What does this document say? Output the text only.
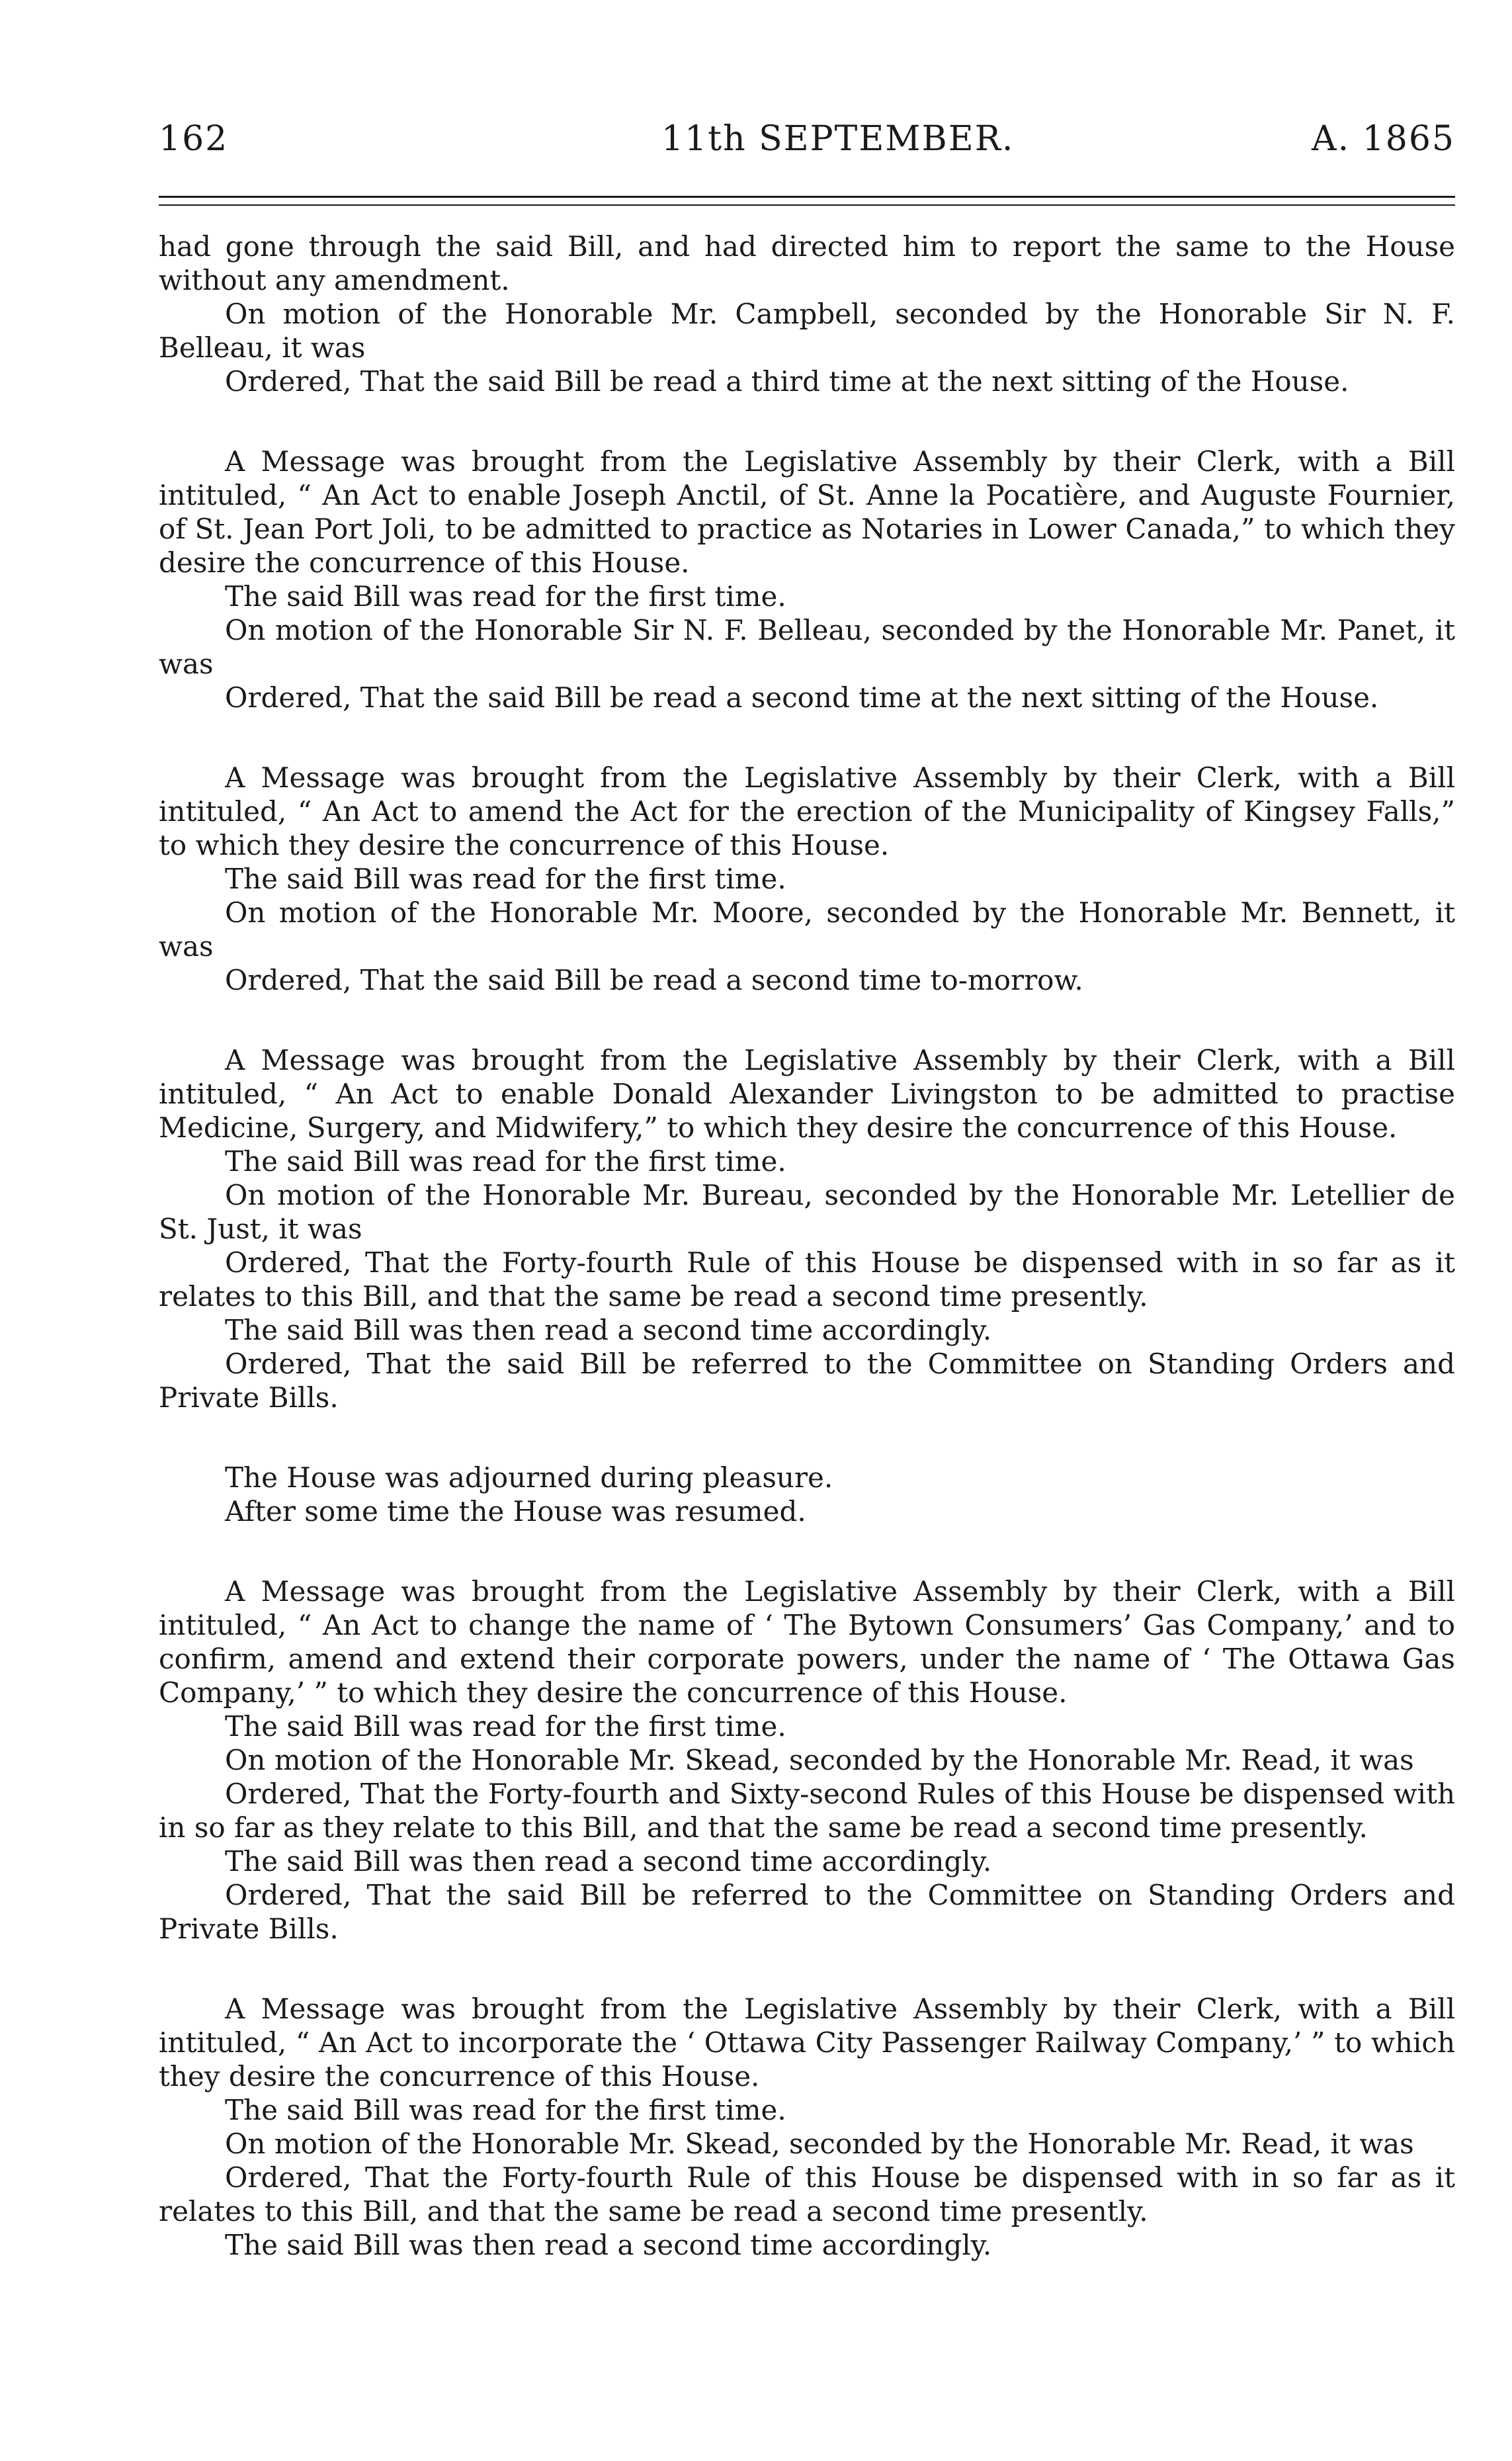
162	11th SEPTEMBER.	A. 1865

had gone through the said Bill, and had directed him to report the same to the House without any amendment.

On motion of the Honorable Mr. Campbell, seconded by the Honorable Sir N. F. Belleau, it was

Ordered, That the said Bill be read a third time at the next sitting of the House.

A Message was brought from the Legislative Assembly by their Clerk, with a Bill intituled, “ An Act to enable Joseph Anctil, of St. Anne la Pocatière, and Auguste Fournier, of St. Jean Port Joli, to be admitted to practice as Notaries in Lower Canada,” to which they desire the concurrence of this House.

The said Bill was read for the first time.

On motion of the Honorable Sir N. F. Belleau, seconded by the Honorable Mr. Panet, it was

Ordered, That the said Bill be read a second time at the next sitting of the House.

A Message was brought from the Legislative Assembly by their Clerk, with a Bill intituled, “ An Act to amend the Act for the erection of the Municipality of Kingsey Falls,” to which they desire the concurrence of this House.

The said Bill was read for the first time.

On motion of the Honorable Mr. Moore, seconded by the Honorable Mr. Bennett, it was

Ordered, That the said Bill be read a second time to-morrow.

A Message was brought from the Legislative Assembly by their Clerk, with a Bill intituled, “ An Act to enable Donald Alexander Livingston to be admitted to practise Medicine, Surgery, and Midwifery,” to which they desire the concurrence of this House.

The said Bill was read for the first time.

On motion of the Honorable Mr. Bureau, seconded by the Honorable Mr. Letellier de St. Just, it was

Ordered, That the Forty-fourth Rule of this House be dispensed with in so far as it relates to this Bill, and that the same be read a second time presently.

The said Bill was then read a second time accordingly.

Ordered, That the said Bill be referred to the Committee on Standing Orders and Private Bills.

The House was adjourned during pleasure.

After some time the House was resumed.

A Message was brought from the Legislative Assembly by their Clerk, with a Bill intituled, “ An Act to change the name of ‘ The Bytown Consumers’ Gas Company,’ and to confirm, amend and extend their corporate powers, under the name of ‘ The Ottawa Gas Company,’ ” to which they desire the concurrence of this House.

The said Bill was read for the first time.

On motion of the Honorable Mr. Skead, seconded by the Honorable Mr. Read, it was

Ordered, That the Forty-fourth and Sixty-second Rules of this House be dispensed with in so far as they relate to this Bill, and that the same be read a second time presently.

The said Bill was then read a second time accordingly.

Ordered, That the said Bill be referred to the Committee on Standing Orders and Private Bills.

A Message was brought from the Legislative Assembly by their Clerk, with a Bill intituled, “ An Act to incorporate the ‘ Ottawa City Passenger Railway Company,’ ” to which they desire the concurrence of this House.

The said Bill was read for the first time.

On motion of the Honorable Mr. Skead, seconded by the Honorable Mr. Read, it was

Ordered, That the Forty-fourth Rule of this House be dispensed with in so far as it relates to this Bill, and that the same be read a second time presently.

The said Bill was then read a second time accordingly.
